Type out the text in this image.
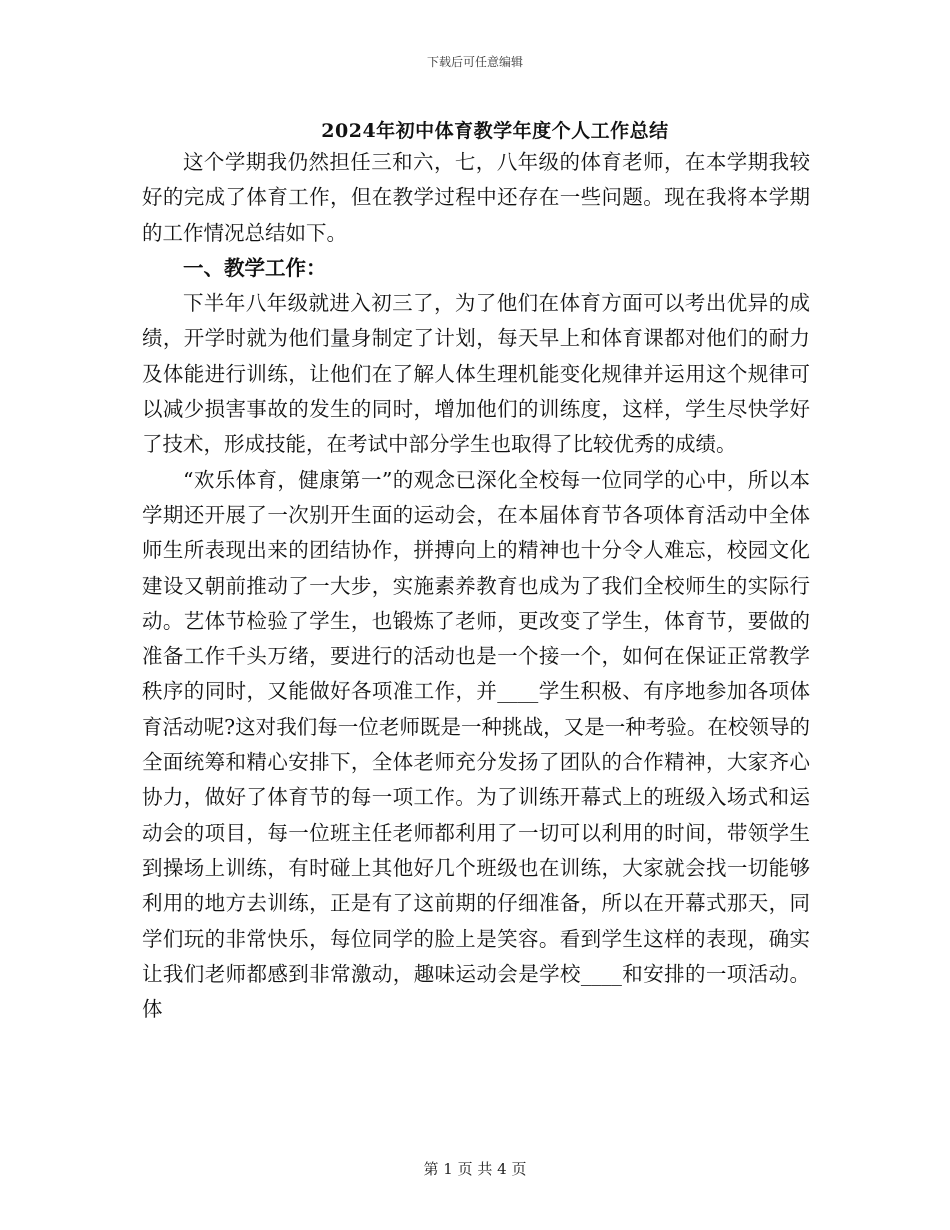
下载后可任意编辑
2024年初中体育教学年度个人工作总结

这个学期我仍然担任三和六，七，八年级的体育老师，在本学期我较好的完成了体育工作，但在教学过程中还存在一些问题。现在我将本学期的工作情况总结如下。

一、教学工作：

下半年八年级就进入初三了，为了他们在体育方面可以考出优异的成绩，开学时就为他们量身制定了计划，每天早上和体育课都对他们的耐力及体能进行训练，让他们在了解人体生理机能变化规律并运用这个规律可以减少损害事故的发生的同时，增加他们的训练度，这样，学生尽快学好了技术，形成技能，在考试中部分学生也取得了比较优秀的成绩。

“欢乐体育，健康第一”的观念已深化全校每一位同学的心中，所以本学期还开展了一次别开生面的运动会，在本届体育节各项体育活动中全体师生所表现出来的团结协作，拼搏向上的精神也十分令人难忘，校园文化建设又朝前推动了一大步，实施素养教育也成为了我们全校师生的实际行动。艺体节检验了学生，也锻炼了老师，更改变了学生，体育节，要做的准备工作千头万绪，要进行的活动也是一个接一个，如何在保证正常教学秩序的同时，又能做好各项准工作，并____学生积极、有序地参加各项体育活动呢?这对我们每一位老师既是一种挑战，又是一种考验。在校领导的全面统筹和精心安排下，全体老师充分发扬了团队的合作精神，大家齐心协力，做好了体育节的每一项工作。为了训练开幕式上的班级入场式和运动会的项目，每一位班主任老师都利用了一切可以利用的时间，带领学生到操场上训练，有时碰上其他好几个班级也在训练，大家就会找一切能够利用的地方去训练，正是有了这前期的仔细准备，所以在开幕式那天，同学们玩的非常快乐，每位同学的脸上是笑容。看到学生这样的表现，确实让我们老师都感到非常激动，趣味运动会是学校____和安排的一项活动。体

第 1 页 共 4 页
